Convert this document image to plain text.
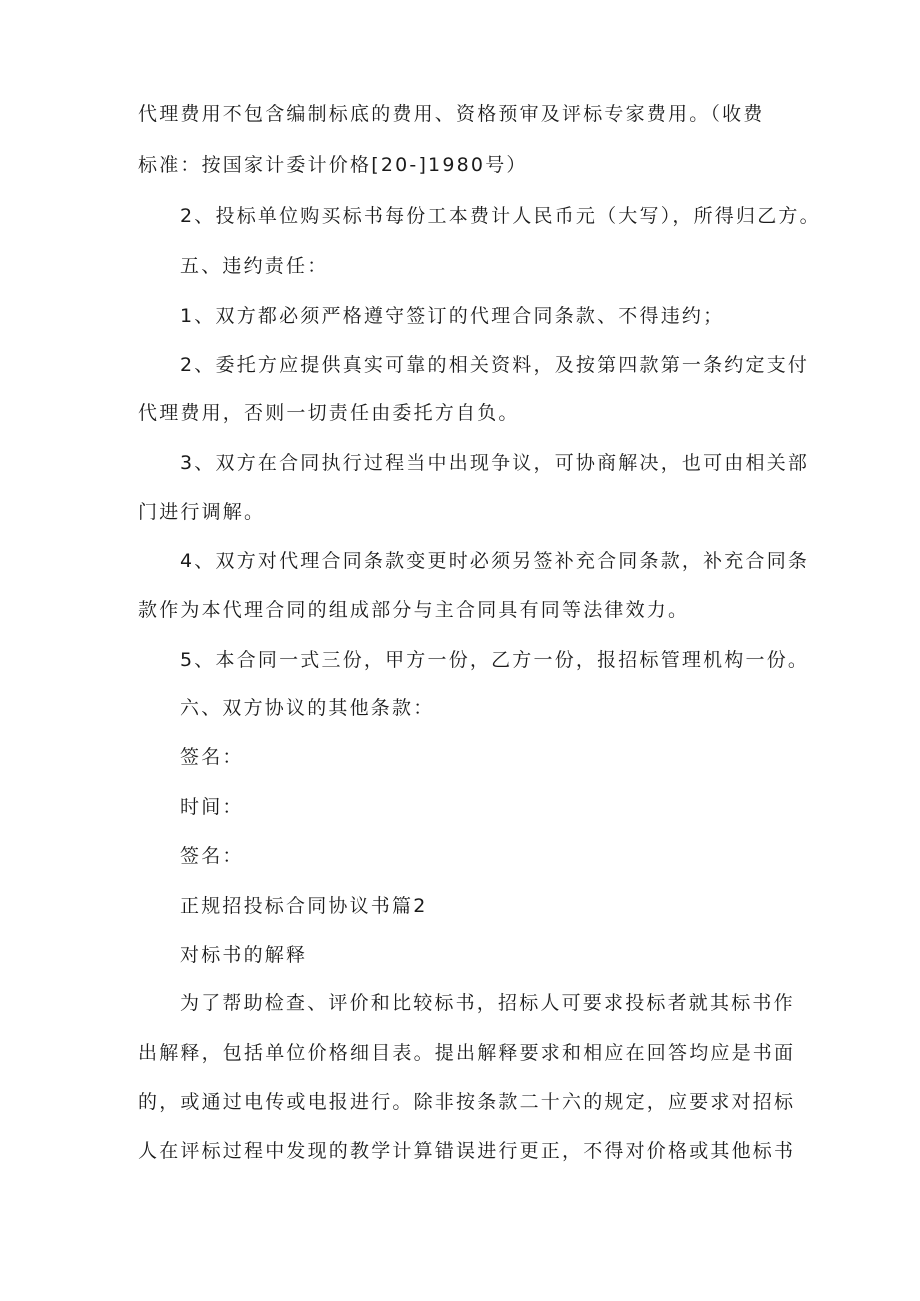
代理费用不包含编制标底的费用、资格预审及评标专家费用。（收费
标准：按国家计委计价格[20-]1980号）
2、投标单位购买标书每份工本费计人民币元（大写），所得归乙方。
五、违约责任：
1、双方都必须严格遵守签订的代理合同条款、不得违约；
2、委托方应提供真实可靠的相关资料，及按第四款第一条约定支付
代理费用，否则一切责任由委托方自负。
3、双方在合同执行过程当中出现争议，可协商解决，也可由相关部
门进行调解。
4、双方对代理合同条款变更时必须另签补充合同条款，补充合同条
款作为本代理合同的组成部分与主合同具有同等法律效力。
5、本合同一式三份，甲方一份，乙方一份，报招标管理机构一份。
六、双方协议的其他条款：
签名：
时间：
签名：
正规招投标合同协议书篇2
对标书的解释
为了帮助检查、评价和比较标书，招标人可要求投标者就其标书作
出解释，包括单位价格细目表。提出解释要求和相应在回答均应是书面
的，或通过电传或电报进行。除非按条款二十六的规定，应要求对招标
人在评标过程中发现的教学计算错误进行更正，不得对价格或其他标书
